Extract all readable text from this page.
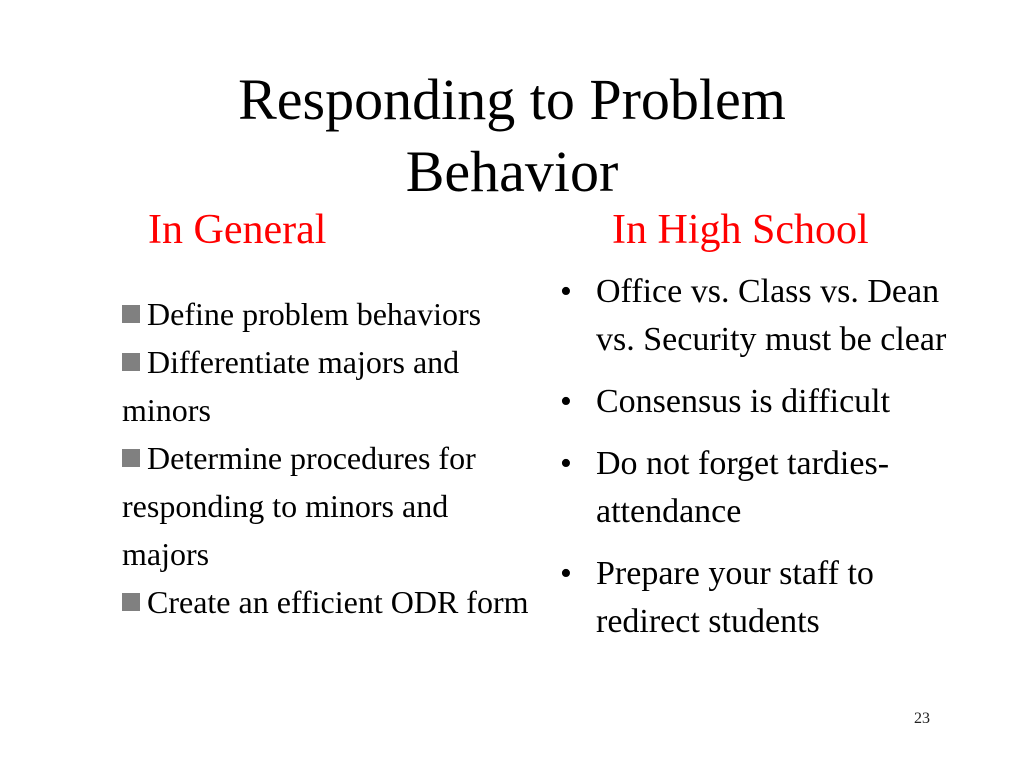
Responding to Problem
Behavior
In General	In High School
Define problem behaviors
Differentiate majors and minors
Determine procedures for responding to minors and majors
Create an efficient ODR form
• Office vs. Class vs. Dean vs. Security must be clear
• Consensus is difficult
• Do not forget tardies- attendance
• Prepare your staff to redirect students
23
